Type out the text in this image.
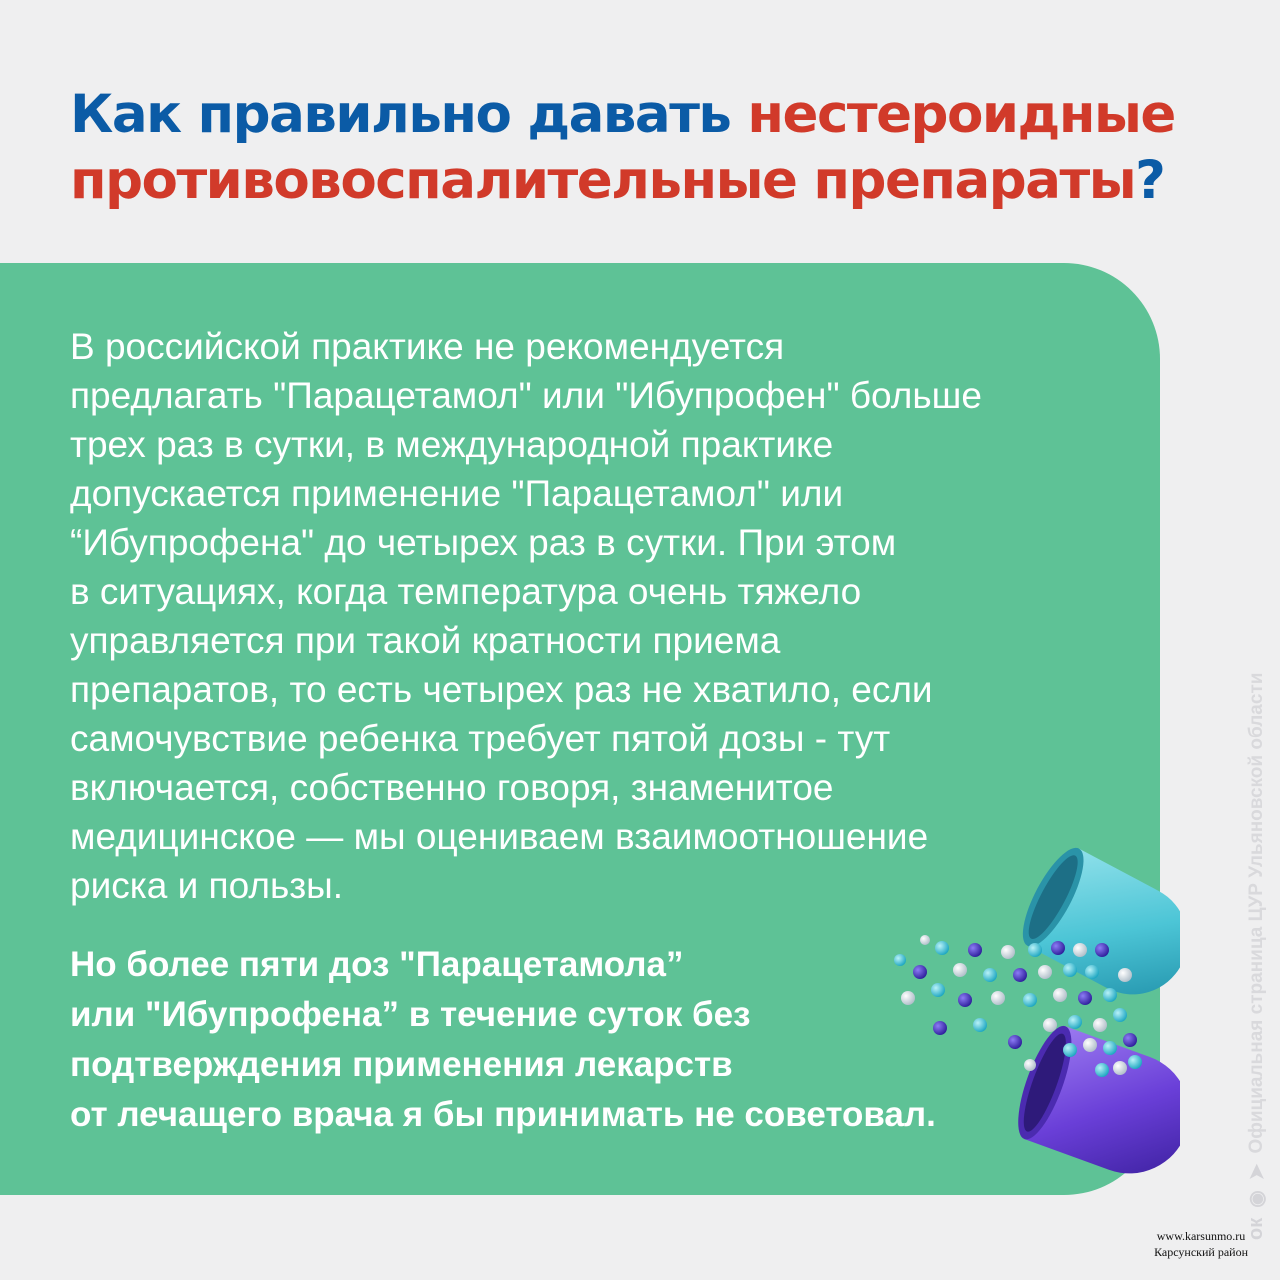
Как правильно давать нестероидные
противовоспалительные препараты?

В российской практике не рекомендуется
предлагать "Парацетамол" или "Ибупрофен" больше
трех раз в сутки, в международной практике
допускается применение "Парацетамол" или
“Ибупрофена" до четырех раз в сутки. При этом
в ситуациях, когда температура очень тяжело
управляется при такой кратности приема
препаратов, то есть четырех раз не хватило, если
самочувствие ребенка требует пятой дозы - тут
включается, собственно говоря, знаменитое
медицинское — мы оцениваем взаимоотношение
риска и пользы.

Но более пяти доз "Парацетамола”
или "Ибупрофена” в течение суток без
подтверждения применения лекарств
от лечащего врача я бы принимать не советовал.

ок
◉
➤
Официальная страница ЦУР Ульяновской области
www.karsunmo.ru
Карсунский район
